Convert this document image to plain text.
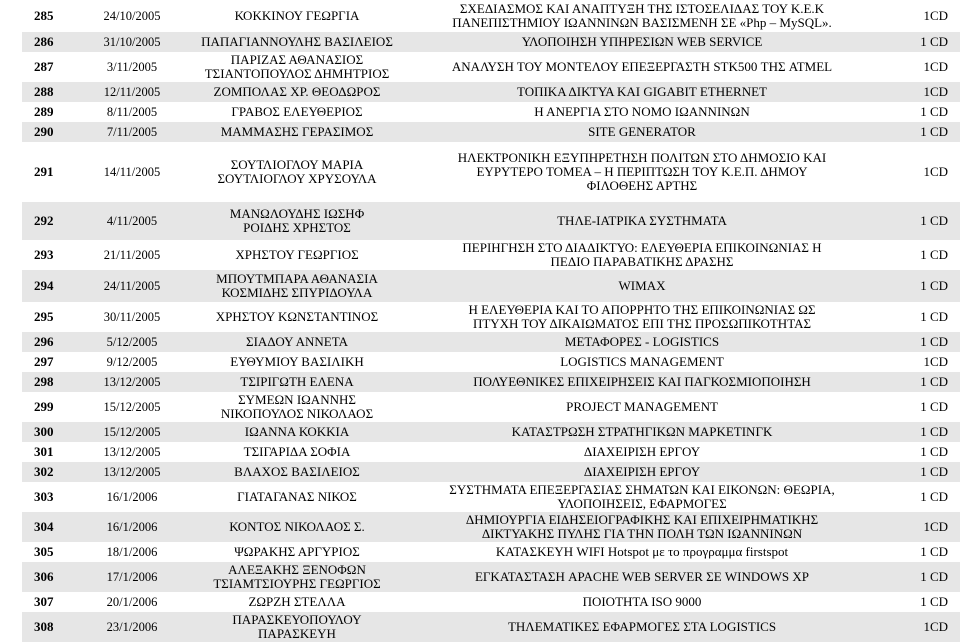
285	24/10/2005	ΚΟΚΚΙΝΟΥ ΓΕΩΡΓΙΑ	ΣΧΕΔΙΑΣΜΟΣ ΚΑΙ ΑΝΑΠΤΥΞΗ ΤΗΣ ΙΣΤΟΣΕΛΙΔΑΣ ΤΟΥ Κ.Ε.Κ
ΠΑΝΕΠΙΣΤΗΜΙΟΥ ΙΩΑΝΝΙΝΩΝ ΒΑΣΙΣΜΕΝΗ ΣΕ «Php – MySQL».	1CD
286	31/10/2005	ΠΑΠΑΓΙΑΝΝΟΥΛΗΣ ΒΑΣΙΛΕΙΟΣ	ΥΛΟΠΟΙΗΣΗ ΥΠΗΡΕΣΙΩΝ WEB SERVICE	1 CD
287	3/11/2005	ΠΑΡΙΖΑΣ ΑΘΑΝΑΣΙΟΣ
ΤΣΙΑΝΤΟΠΟΥΛΟΣ ΔΗΜΗΤΡΙΟΣ	ΑΝΑΛΥΣΗ ΤΟΥ ΜΟΝΤΕΛΟΥ ΕΠΕΞΕΡΓΑΣΤΗ STK500 ΤΗΣ ATMEL	1CD
288	12/11/2005	ΖΟΜΠΟΛΑΣ ΧΡ. ΘΕΟΔΩΡΟΣ	ΤΟΠΙΚΑ ΔΙΚΤΥΑ ΚΑΙ GIGABIT ETHERNET	1CD
289	8/11/2005	ΓΡΑΒΟΣ ΕΛΕΥΘΕΡΙΟΣ	Η ΑΝΕΡΓΙΑ ΣΤΟ ΝΟΜΟ ΙΩΑΝΝΙΝΩΝ	1 CD
290	7/11/2005	ΜΑΜΜΑΣΗΣ ΓΕΡΑΣΙΜΟΣ	SITE GENERATOR	1 CD
291	14/11/2005	ΣΟΥΤΛΙΟΓΛΟΥ ΜΑΡΙΑ
ΣΟΥΤΛΙΟΓΛΟΥ ΧΡΥΣΟΥΛΑ	ΗΛΕΚΤΡΟΝΙΚΗ ΕΞΥΠΗΡΕΤΗΣΗ ΠΟΛΙΤΩΝ ΣΤΟ ΔΗΜΟΣΙΟ ΚΑΙ
ΕΥΡΥΤΕΡΟ ΤΟΜΕΑ – Η ΠΕΡΙΠΤΩΣΗ ΤΟΥ Κ.Ε.Π. ΔΗΜΟΥ
ΦΙΛΟΘΕΗΣ ΑΡΤΗΣ	1CD
292	4/11/2005	ΜΑΝΩΛΟΥΔΗΣ ΙΩΣΗΦ
ΡΟΙΔΗΣ ΧΡΗΣΤΟΣ	ΤΗΛΕ-ΙΑΤΡΙΚΑ ΣΥΣΤΗΜΑΤΑ	1 CD
293	21/11/2005	ΧΡΗΣΤΟΥ ΓΕΩΡΓΙΟΣ	ΠΕΡΙΗΓΗΣΗ ΣΤΟ ΔΙΑΔΙΚΤΥΟ: ΕΛΕΥΘΕΡΙΑ ΕΠΙΚΟΙΝΩΝΙΑΣ Η
ΠΕΔΙΟ ΠΑΡΑΒΑΤΙΚΗΣ ΔΡΑΣΗΣ	1 CD
294	24/11/2005	ΜΠΟΥΤΜΠΑΡΑ ΑΘΑΝΑΣΙΑ
ΚΟΣΜΙΔΗΣ ΣΠΥΡΙΔΟΥΛΑ	WIMAX	1 CD
295	30/11/2005	ΧΡΗΣΤΟΥ ΚΩΝΣΤΑΝΤΙΝΟΣ	Η ΕΛΕΥΘΕΡΙΑ ΚΑΙ ΤΟ ΑΠΟΡΡΗΤΟ ΤΗΣ ΕΠΙΚΟΙΝΩΝΙΑΣ ΩΣ
ΠΤΥΧΗ ΤΟΥ ΔΙΚΑΙΩΜΑΤΟΣ ΕΠΙ ΤΗΣ ΠΡΟΣΩΠΙΚΟΤΗΤΑΣ	1 CD
296	5/12/2005	ΣΙΑΔΟΥ ΑΝΝΕΤΑ	ΜΕΤΑΦΟΡΕΣ - LOGISTICS	1 CD
297	9/12/2005	ΕΥΘΥΜΙΟΥ ΒΑΣΙΛΙΚΗ	LOGISTICS MANAGEMENT	1CD
298	13/12/2005	ΤΣΙΡΙΓΩΤΗ ΕΛΕΝΑ	ΠΟΛΥΕΘΝΙΚΕΣ ΕΠΙΧΕΙΡΗΣΕΙΣ ΚΑΙ ΠΑΓΚΟΣΜΙΟΠΟΙΗΣΗ	1 CD
299	15/12/2005	ΣΥΜΕΩΝ ΙΩΑΝΝΗΣ
ΝΙΚΟΠΟΥΛΟΣ ΝΙΚΟΛΑΟΣ	PROJECT MANAGEMENT	1 CD
300	15/12/2005	ΙΩΑΝΝΑ ΚΟΚΚΙΑ	ΚΑΤΑΣΤΡΩΣΗ ΣΤΡΑΤΗΓΙΚΩΝ ΜΑΡΚΕΤΙΝΓΚ	1 CD
301	13/12/2005	ΤΣΙΓΑΡΙΔΑ ΣΟΦΙΑ	ΔΙΑΧΕΙΡΙΣΗ ΕΡΓΟΥ	1 CD
302	13/12/2005	ΒΛΑΧΟΣ ΒΑΣΙΛΕΙΟΣ	ΔΙΑΧΕΙΡΙΣΗ ΕΡΓΟΥ	1 CD
303	16/1/2006	ΓΙΑΤΑΓΑΝΑΣ ΝΙΚΟΣ	ΣΥΣΤΗΜΑΤΑ ΕΠΕΞΕΡΓΑΣΙΑΣ ΣΗΜΑΤΩΝ ΚΑΙ ΕΙΚΟΝΩΝ: ΘΕΩΡΙΑ,
ΥΛΟΠΟΙΗΣΕΙΣ, ΕΦΑΡΜΟΓΕΣ	1 CD
304	16/1/2006	ΚΟΝΤΟΣ ΝΙΚΟΛΑΟΣ Σ.	ΔΗΜΙΟΥΡΓΙΑ ΕΙΔΗΣΕΙΟΓΡΑΦΙΚΗΣ ΚΑΙ ΕΠΙΧΕΙΡΗΜΑΤΙΚΗΣ
ΔΙΚΤΥΑΚΗΣ ΠΥΛΗΣ ΓΙΑ ΤΗΝ ΠΟΛΗ ΤΩΝ ΙΩΑΝΝΙΝΩΝ	1CD
305	18/1/2006	ΨΩΡΑΚΗΣ ΑΡΓΥΡΙΟΣ	ΚΑΤΑΣΚΕΥΗ WIFI Hotspot με το προγραμμα firstspot	1 CD
306	17/1/2006	ΑΛΕΞΑΚΗΣ ΞΕΝΟΦΩΝ
ΤΣΙΑΜΤΣΙΟΥΡΗΣ ΓΕΩΡΓΙΟΣ	ΕΓΚΑΤΑΣΤΑΣΗ APACHE WEB SERVER ΣΕ WINDOWS XP	1 CD
307	20/1/2006	ΖΩΡΖΗ ΣΤΕΛΛΑ	ΠΟΙΟΤΗΤΑ ISO 9000	1 CD
308	23/1/2006	ΠΑΡΑΣΚΕΥΟΠΟΥΛΟΥ
ΠΑΡΑΣΚΕΥΗ	ΤΗΛΕΜΑΤΙΚΕΣ ΕΦΑΡΜΟΓΕΣ ΣΤΑ LOGISTICS	1CD
